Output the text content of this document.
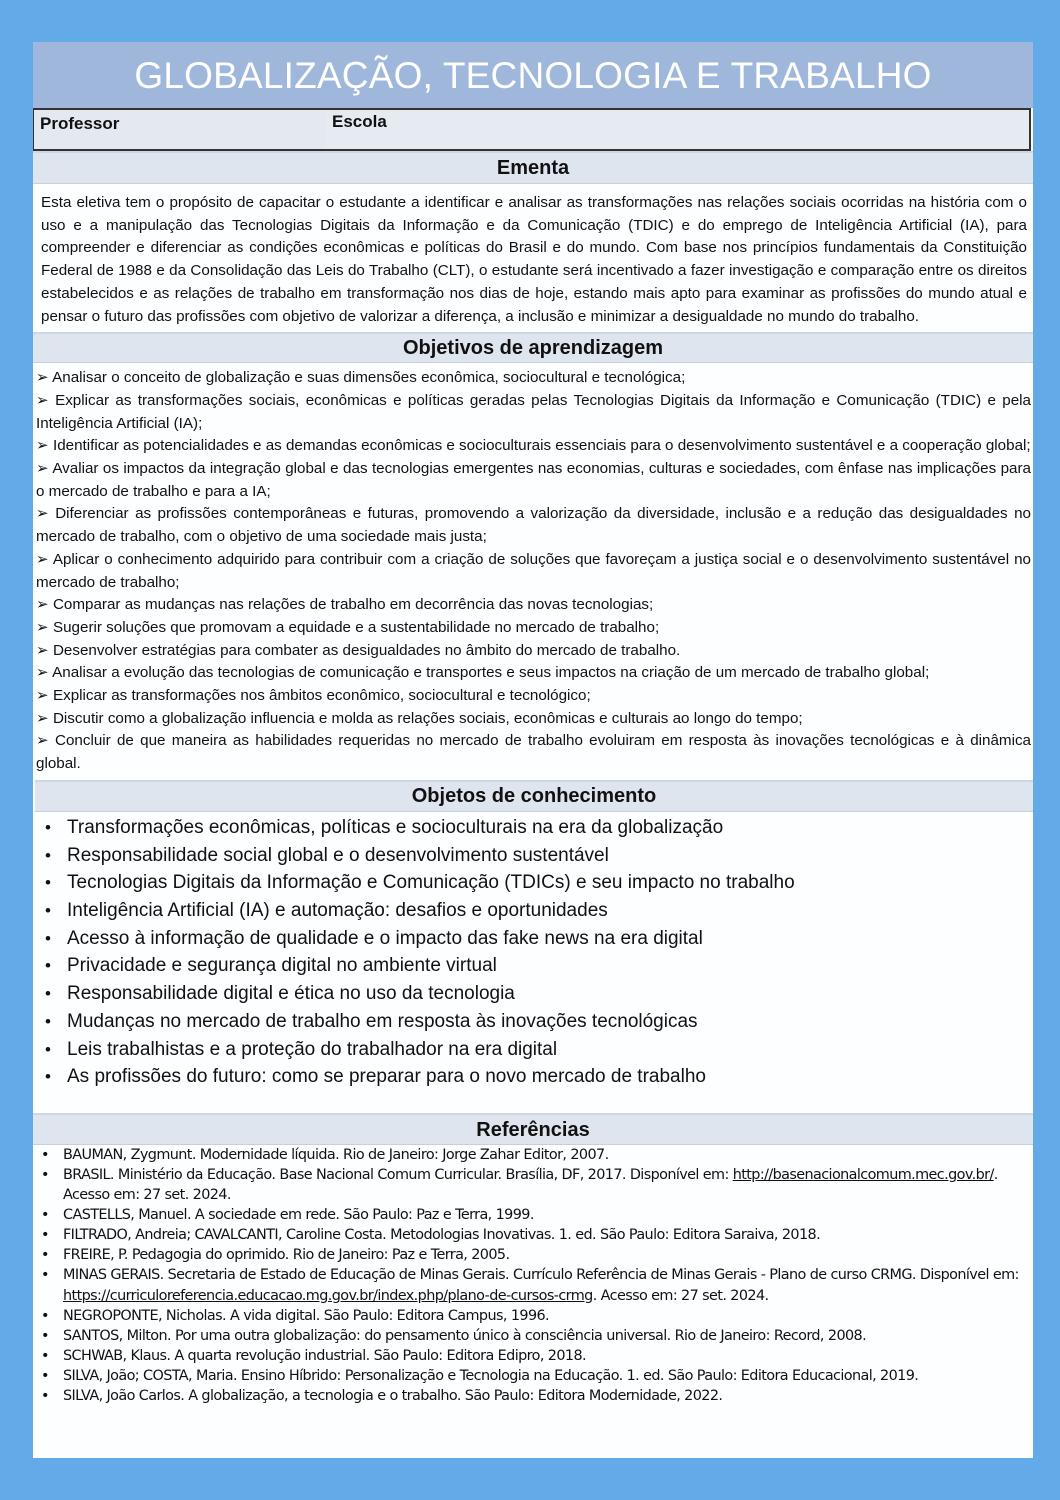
GLOBALIZAÇÃO, TECNOLOGIA E TRABALHO
Professor	Escola
Ementa
Esta eletiva tem o propósito de capacitar o estudante a identificar e analisar as transformações nas relações sociais ocorridas na história com o uso e a manipulação das Tecnologias Digitais da Informação e da Comunicação (TDIC) e do emprego de Inteligência Artificial (IA), para compreender e diferenciar as condições econômicas e políticas do Brasil e do mundo. Com base nos princípios fundamentais da Constituição Federal de 1988 e da Consolidação das Leis do Trabalho (CLT), o estudante será incentivado a fazer investigação e comparação entre os direitos estabelecidos e as relações de trabalho em transformação nos dias de hoje, estando mais apto para examinar as profissões do mundo atual e pensar o futuro das profissões com objetivo de valorizar a diferença, a inclusão e minimizar a desigualdade no mundo do trabalho.
Objetivos de aprendizagem
➢ Analisar o conceito de globalização e suas dimensões econômica, sociocultural e tecnológica;
➢ Explicar as transformações sociais, econômicas e políticas geradas pelas Tecnologias Digitais da Informação e Comunicação (TDIC) e pela Inteligência Artificial (IA);
➢ Identificar as potencialidades e as demandas econômicas e socioculturais essenciais para o desenvolvimento sustentável e a cooperação global;
➢ Avaliar os impactos da integração global e das tecnologias emergentes nas economias, culturas e sociedades, com ênfase nas implicações para o mercado de trabalho e para a IA;
➢ Diferenciar as profissões contemporâneas e futuras, promovendo a valorização da diversidade, inclusão e a redução das desigualdades no mercado de trabalho, com o objetivo de uma sociedade mais justa;
➢ Aplicar o conhecimento adquirido para contribuir com a criação de soluções que favoreçam a justiça social e o desenvolvimento sustentável no mercado de trabalho;
➢ Comparar as mudanças nas relações de trabalho em decorrência das novas tecnologias;
➢ Sugerir soluções que promovam a equidade e a sustentabilidade no mercado de trabalho;
➢ Desenvolver estratégias para combater as desigualdades no âmbito do mercado de trabalho.
➢ Analisar a evolução das tecnologias de comunicação e transportes e seus impactos na criação de um mercado de trabalho global;
➢ Explicar as transformações nos âmbitos econômico, sociocultural e tecnológico;
➢ Discutir como a globalização influencia e molda as relações sociais, econômicas e culturais ao longo do tempo;
➢ Concluir de que maneira as habilidades requeridas no mercado de trabalho evoluiram em resposta às inovações tecnológicas e à dinâmica global.
Objetos de conhecimento
• Transformações econômicas, políticas e socioculturais na era da globalização
• Responsabilidade social global e o desenvolvimento sustentável
• Tecnologias Digitais da Informação e Comunicação (TDICs) e seu impacto no trabalho
• Inteligência Artificial (IA) e automação: desafios e oportunidades
• Acesso à informação de qualidade e o impacto das fake news na era digital
• Privacidade e segurança digital no ambiente virtual
• Responsabilidade digital e ética no uso da tecnologia
• Mudanças no mercado de trabalho em resposta às inovações tecnológicas
• Leis trabalhistas e a proteção do trabalhador na era digital
• As profissões do futuro: como se preparar para o novo mercado de trabalho
Referências
• BAUMAN, Zygmunt. Modernidade líquida. Rio de Janeiro: Jorge Zahar Editor, 2007.
• BRASIL. Ministério da Educação. Base Nacional Comum Curricular. Brasília, DF, 2017. Disponível em: http://basenacionalcomum.mec.gov.br/. Acesso em: 27 set. 2024.
• CASTELLS, Manuel. A sociedade em rede. São Paulo: Paz e Terra, 1999.
• FILTRADO, Andreia; CAVALCANTI, Caroline Costa. Metodologias Inovativas. 1. ed. São Paulo: Editora Saraiva, 2018.
• FREIRE, P. Pedagogia do oprimido. Rio de Janeiro: Paz e Terra, 2005.
• MINAS GERAIS. Secretaria de Estado de Educação de Minas Gerais. Currículo Referência de Minas Gerais - Plano de curso CRMG. Disponível em: https://curriculoreferencia.educacao.mg.gov.br/index.php/plano-de-cursos-crmg. Acesso em: 27 set. 2024.
• NEGROPONTE, Nicholas. A vida digital. São Paulo: Editora Campus, 1996.
• SANTOS, Milton. Por uma outra globalização: do pensamento único à consciência universal. Rio de Janeiro: Record, 2008.
• SCHWAB, Klaus. A quarta revolução industrial. São Paulo: Editora Edipro, 2018.
• SILVA, João; COSTA, Maria. Ensino Híbrido: Personalização e Tecnologia na Educação. 1. ed. São Paulo: Editora Educacional, 2019.
• SILVA, João Carlos. A globalização, a tecnologia e o trabalho. São Paulo: Editora Modernidade, 2022.
